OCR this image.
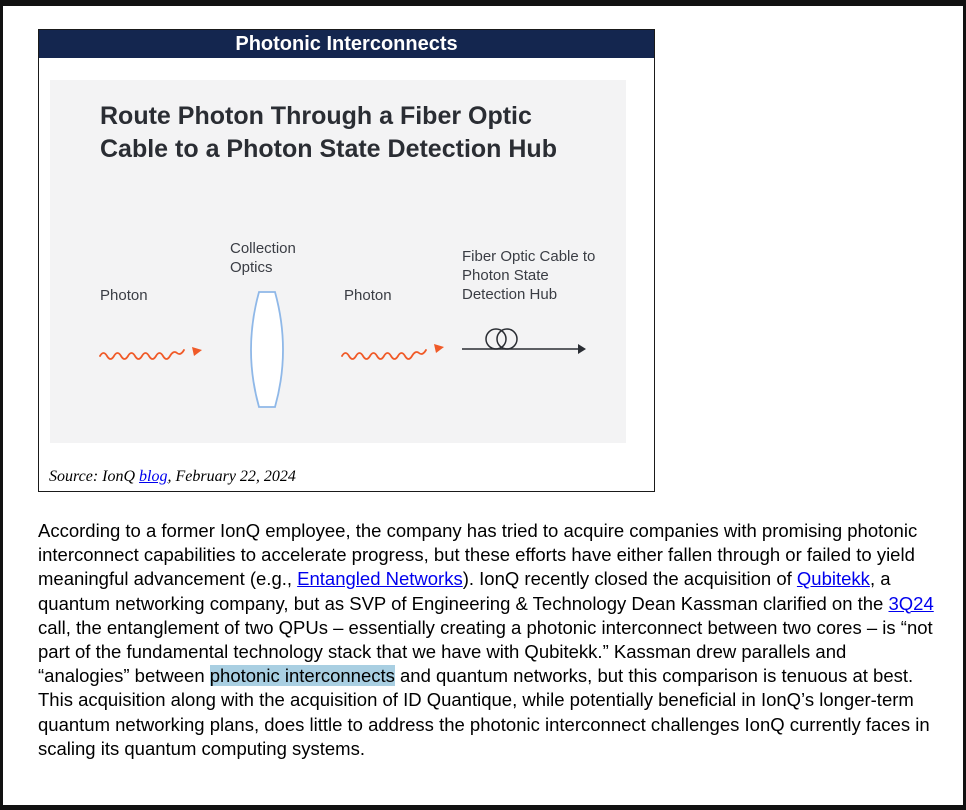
Photonic Interconnects
Route Photon Through a Fiber Optic
Cable to a Photon State Detection Hub
Photon
Collection
Optics
Photon
Fiber Optic Cable to
Photon State
Detection Hub
Source: IonQ blog, February 22, 2024

According to a former IonQ employee, the company has tried to acquire companies with promising photonic interconnect capabilities to accelerate progress, but these efforts have either fallen through or failed to yield meaningful advancement (e.g., Entangled Networks). IonQ recently closed the acquisition of Qubitekk, a quantum networking company, but as SVP of Engineering & Technology Dean Kassman clarified on the 3Q24 call, the entanglement of two QPUs – essentially creating a photonic interconnect between two cores – is “not part of the fundamental technology stack that we have with Qubitekk.” Kassman drew parallels and “analogies” between photonic interconnects and quantum networks, but this comparison is tenuous at best. This acquisition along with the acquisition of ID Quantique, while potentially beneficial in IonQ’s longer-term quantum networking plans, does little to address the photonic interconnect challenges IonQ currently faces in scaling its quantum computing systems.
